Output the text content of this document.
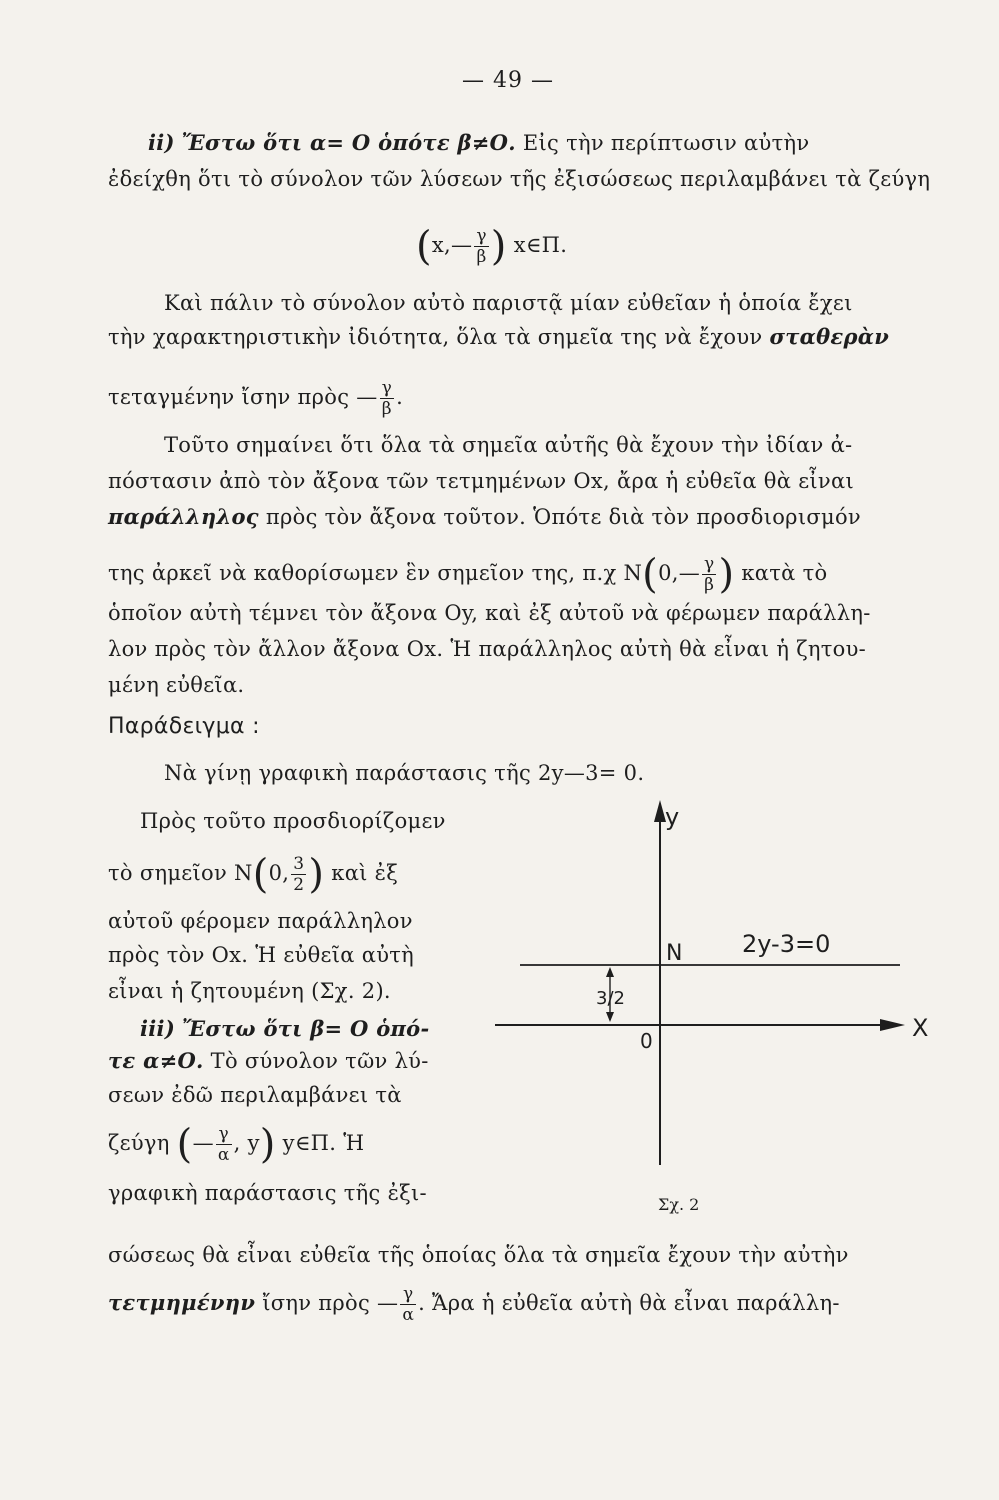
— 49 —
ii) Ἔστω ὅτι α= Ο ὁπότε β≠Ο. Εἰς τὴν περίπτωσιν αὐτὴν
ἐδείχθη ὅτι τὸ σύνολον τῶν λύσεων τῆς ἐξισώσεως περιλαμβάνει τὰ ζεύγη
(x,— $\frac{\gamma}{\beta}$ ) x∈Π.
Καὶ πάλιν τὸ σύνολον αὐτὸ παριστᾷ μίαν εὐθεῖαν ἡ ὁποία ἔχει
τὴν χαρακτηριστικὴν ἰδιότητα, ὅλα τὰ σημεῖα της νὰ ἔχουν σταθερὰν
τεταγμένην ἴσην πρὸς — $\frac{\gamma}{\beta}$ .
Τοῦτο σημαίνει ὅτι ὅλα τὰ σημεῖα αὐτῆς θὰ ἔχουν τὴν ἰδίαν ἀ-
πόστασιν ἀπὸ τὸν ἄξονα τῶν τετμημένων Οx, ἄρα ἡ εὐθεῖα θὰ εἶναι
παράλληλος πρὸς τὸν ἄξονα τοῦτον. Ὁπότε διὰ τὸν προσδιορισμόν
της ἀρκεῖ νὰ καθορίσωμεν ἓν σημεῖον της, π.χ N(0,— $\frac{\gamma}{\beta}$ ) κατὰ τὸ
ὁποῖον αὐτὴ τέμνει τὸν ἄξονα Οy, καὶ ἐξ αὐτοῦ νὰ φέρωμεν παράλλη-
λον πρὸς τὸν ἄλλον ἄξονα Οx. Ἡ παράλληλος αὐτὴ θὰ εἶναι ἡ ζητου-
μένη εὐθεῖα.
Παράδειγμα :
Νὰ γίνῃ γραφικὴ παράστασις τῆς 2y—3= 0.
Πρὸς τοῦτο προσδιορίζομεν
τὸ σημεῖον N(0, $\frac{3}{2}$ ) καὶ ἐξ
αὐτοῦ φέρομεν παράλληλον
πρὸς τὸν Οx. Ἡ εὐθεῖα αὐτὴ
εἶναι ἡ ζητουμένη (Σχ. 2).
iii) Ἔστω ὅτι β= Ο ὁπό-
τε α≠Ο. Τὸ σύνολον τῶν λύ-
σεων ἐδῶ περιλαμβάνει τὰ
ζεύγη (— $\frac{\gamma}{\alpha}$ , y) y∈Π. Ἡ
γραφικὴ παράστασις τῆς ἐξι-
y
X
N 2y-3=0
0
3/2
Σχ. 2
σώσεως θὰ εἶναι εὐθεῖα τῆς ὁποίας ὅλα τὰ σημεῖα ἔχουν τὴν αὐτὴν
τετμημένην ἴσην πρὸς — $\frac{\gamma}{\alpha}$ . Ἄρα ἡ εὐθεῖα αὐτὴ θὰ εἶναι παράλλη-
